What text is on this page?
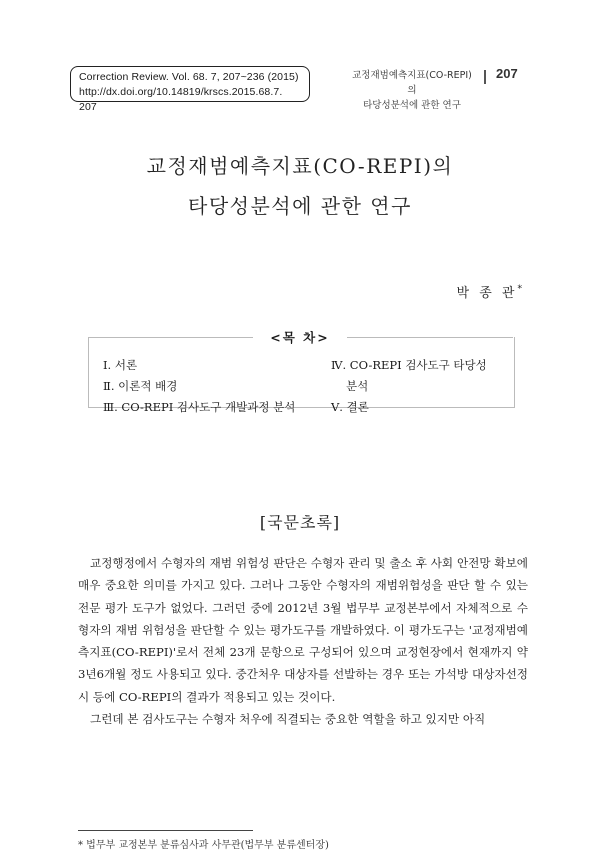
Correction Review. Vol. 68. 7, 207~236 (2015)
http://dx.doi.org/10.14819/krscs.2015.68.7. 207
교정재범예측지표(CO-REPI)의
타당성분석에 관한 연구
207
교정재범예측지표(CO-REPI)의
타당성분석에 관한 연구
박 종 관*
<목 차>
Ⅰ. 서론
Ⅱ. 이론적 배경
Ⅲ. CO-REPI 검사도구 개발과정 분석
Ⅳ. CO-REPI 검사도구 타당성
분석
Ⅴ. 결론
[국문초록]

교정행정에서 수형자의 재범 위험성 판단은 수형자 관리 및 출소 후 사회 안전망 확보에 매우 중요한 의미를 가지고 있다. 그러나 그동안 수형자의 재범위험성을 판단 할 수 있는 전문 평가 도구가 없었다. 그러던 중에 2012년 3월 법무부 교정본부에서 자체적으로 수형자의 재범 위험성을 판단할 수 있는 평가도구를 개발하였다. 이 평가도구는 '교정재범예측지표(CO-REPI)'로서 전체 23개 문항으로 구성되어 있으며 교정현장에서 현재까지 약 3년6개월 정도 사용되고 있다. 중간처우 대상자를 선발하는 경우 또는 가석방 대상자선정 시 등에 CO-REPI의 결과가 적용되고 있는 것이다.

그런데 본 검사도구는 수형자 처우에 직결되는 중요한 역할을 하고 있지만 아직

* 법무부 교정본부 분류심사과 사무관(법무부 분류센터장)
